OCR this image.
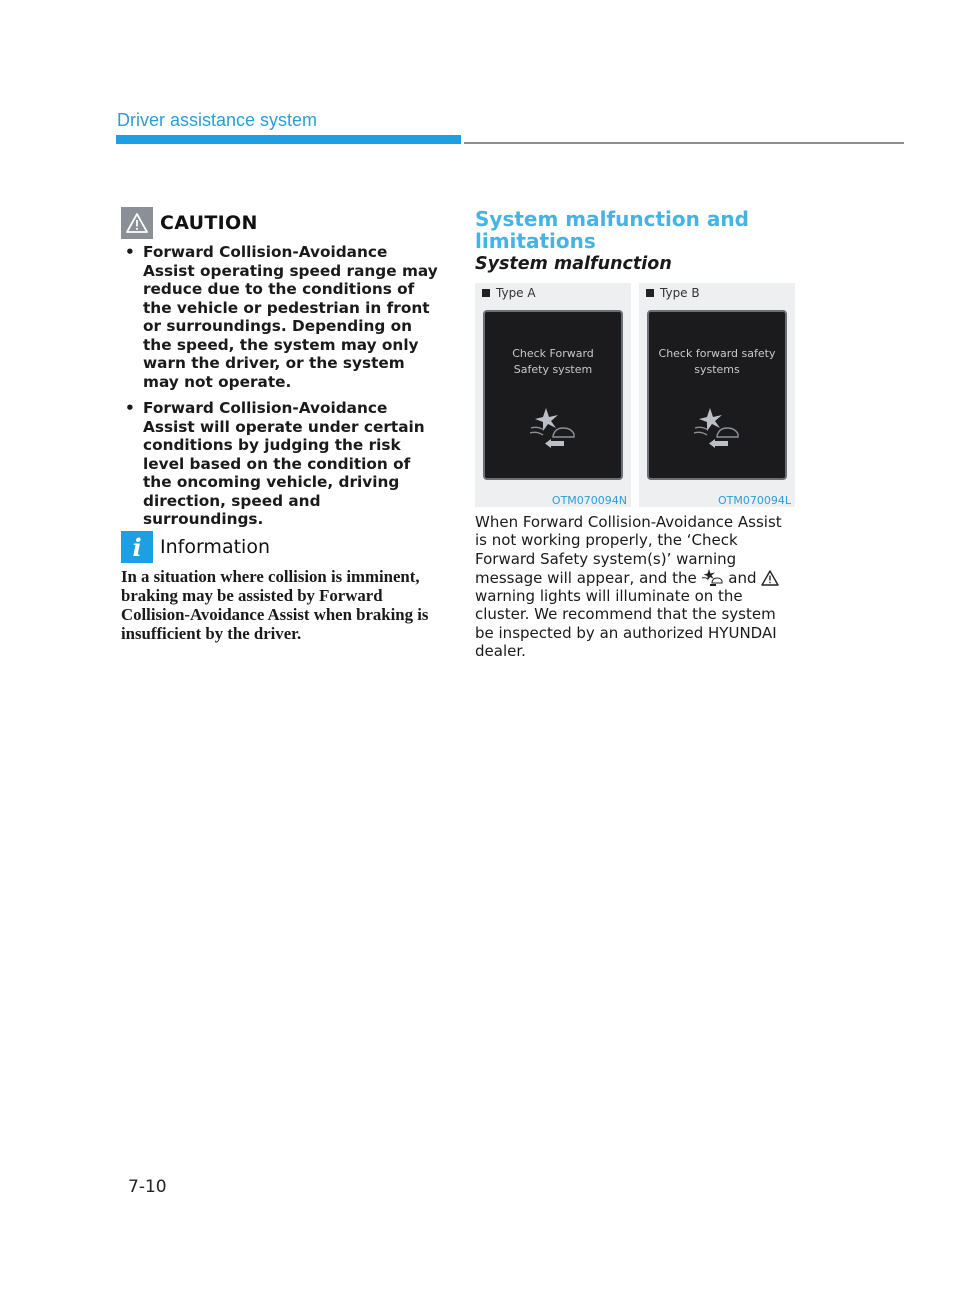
Driver assistance system
CAUTION
• Forward Collision-Avoidance Assist operating speed range may reduce due to the conditions of the vehicle or pedestrian in front or surroundings. Depending on the speed, the system may only warn the driver, or the system may not operate.
• Forward Collision-Avoidance Assist will operate under certain conditions by judging the risk level based on the condition of the oncoming vehicle, driving direction, speed and surroundings.
i Information
In a situation where collision is imminent, braking may be assisted by Forward Collision-Avoidance Assist when braking is insufficient by the driver.
System malfunction and limitations
System malfunction
Type A
Check Forward
Safety system
OTM070094N
Type B
Check forward safety
systems
OTM070094L
When Forward Collision-Avoidance Assist is not working properly, the ‘Check Forward Safety system(s)’ warning message will appear, and the and  warning lights will illuminate on the cluster. We recommend that the system be inspected by an authorized HYUNDAI dealer.
7-10
